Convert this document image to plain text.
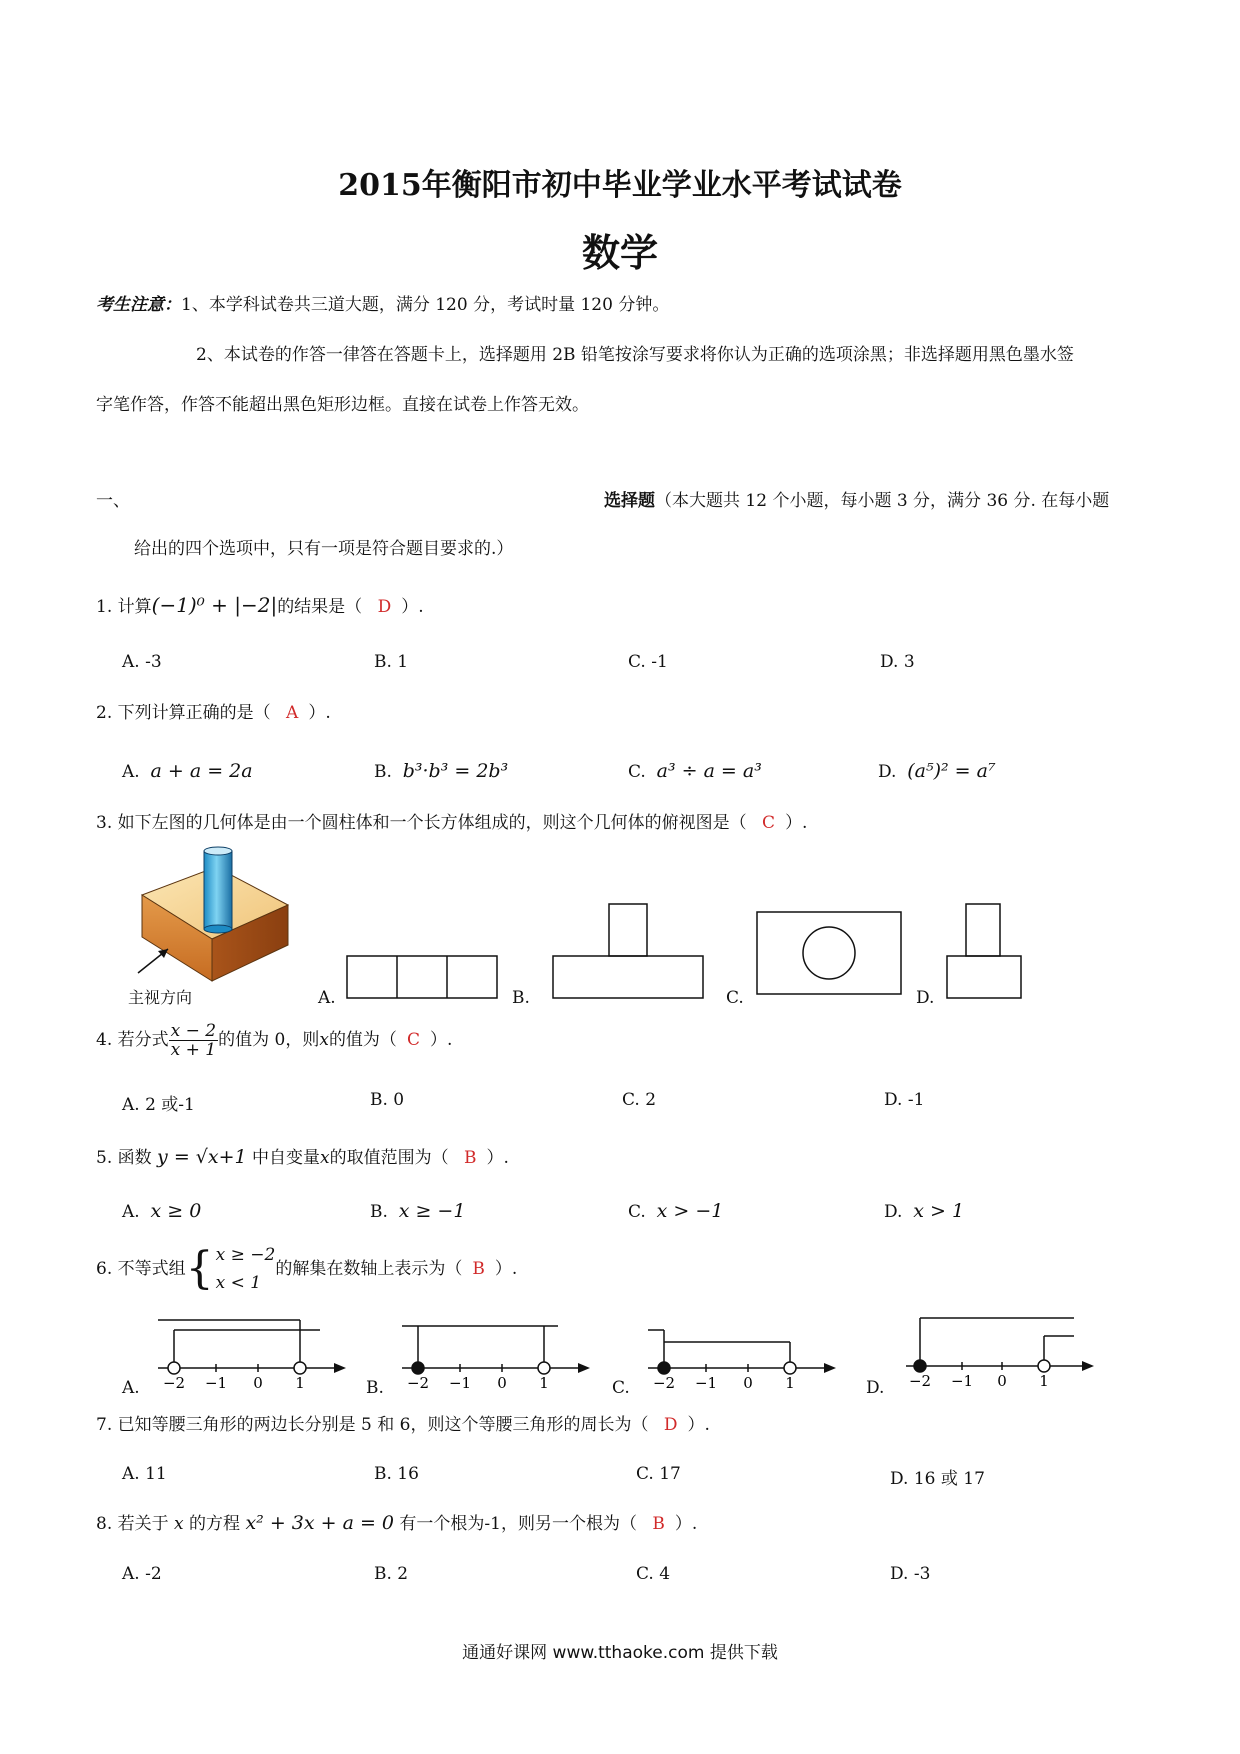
2015年衡阳市初中毕业学业水平考试试卷
数学
考生注意：1、本学科试卷共三道大题，满分 120 分，考试时量 120 分钟。
2、本试卷的作答一律答在答题卡上，选择题用 2B 铅笔按涂写要求将你认为正确的选项涂黑；非选择题用黑色墨水签
字笔作答，作答不能超出黑色矩形边框。直接在试卷上作答无效。
一、	选择题（本大题共 12 个小题，每小题 3 分，满分 36 分. 在每小题
给出的四个选项中，只有一项是符合题目要求的.）
1. 计算(−1)⁰ + |−2|的结果是（ D ）.
A. -3	B. 1	C. -1	D. 3
2. 下列计算正确的是（ A ）.
A. a + a = 2a	B. b³·b³ = 2b³	C. a³ ÷ a = a³	D. (a⁵)² = a⁷
3. 如下左图的几何体是由一个圆柱体和一个长方体组成的，则这个几何体的俯视图是（ C ）.
主视方向	A.	B.	C.	D.
4.
若分式 $\frac{x - 2}{x + 1}$ 的值为 0，则 x 的值为（ C ）.
A. 2 或-1	B. 0	C. 2	D. -1
5. 函数 y = √x+1 中自变量x的取值范围为（ B ）.
A. x ≥ 0	B. x ≥ −1	C. x > −1	D. x > 1
6.
不等式组 { x ≥ −2
x < 1
的解集在数轴上表示为（ B ）.
A. −2 −1 0 1	B. −2 −1 0 1	C. −2 −1 0 1	D. −2 −1 0 1
7. 已知等腰三角形的两边长分别是 5 和 6，则这个等腰三角形的周长为（ D ）.
A. 11	B. 16	C. 17	D. 16 或 17
8. 若关于 x 的方程 x² + 3x + a = 0 有一个根为-1，则另一个根为（ B ）.
A. -2	B. 2	C. 4	D. -3
通通好课网 www.tthaoke.com 提供下载
